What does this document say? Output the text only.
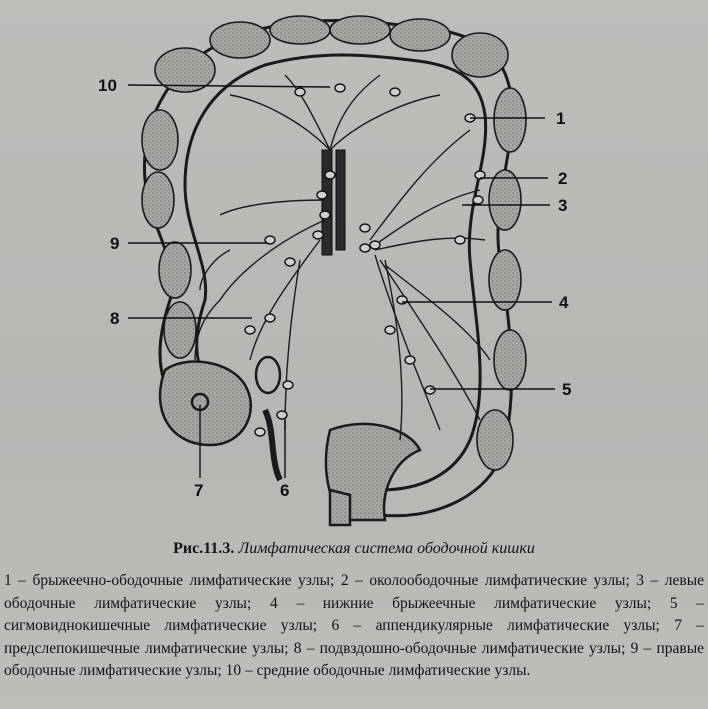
10
1
2
3
4
5
9
8
7	6
Рис.11.3. Лимфатическая система ободочной кишки
1 – брыжеечно-ободочные лимфатические узлы; 2 – околоободочные лимфатические узлы; 3 – левые ободочные лимфатические узлы; 4 – нижние брыжеечные лимфатические узлы; 5 – сигмовиднокишечные лимфатические узлы; 6 – аппендикулярные лимфатические узлы; 7 – предслепокишечные лимфатические узлы; 8 – подвздошно-ободочные лимфатические узлы; 9 – правые ободочные лимфатические узлы; 10 – средние ободочные лимфатические узлы.
